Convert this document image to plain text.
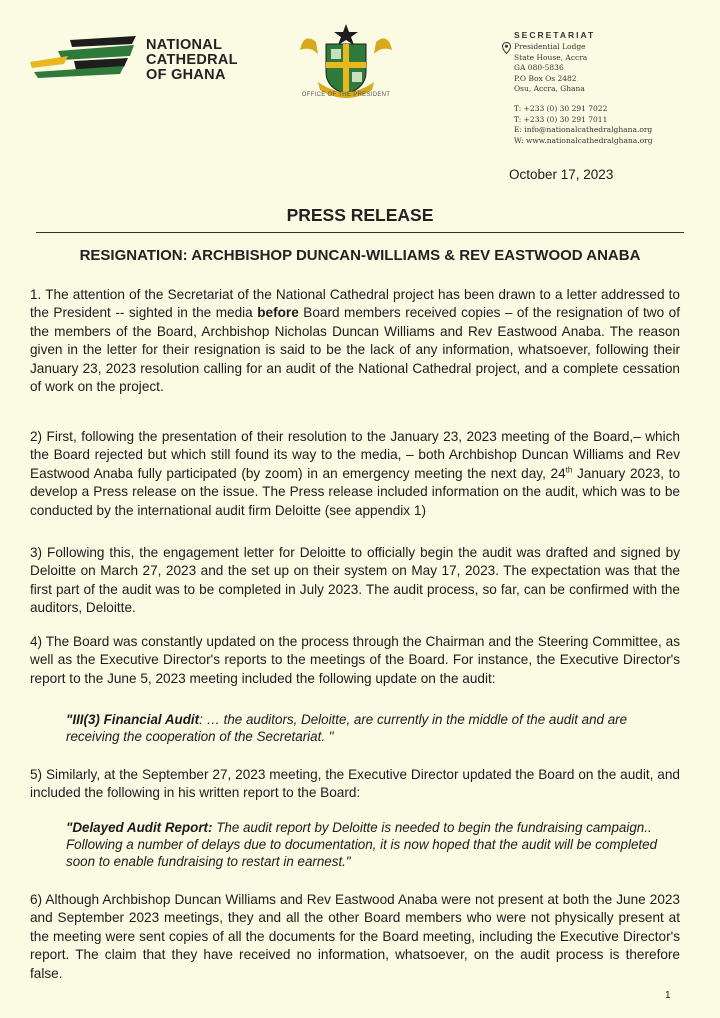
NATIONAL
CATHEDRAL
OF GHANA
OFFICE OF THE PRESIDENT
SECRETARIAT
Presidential Lodge
State House, Accra
GA 080-5836
P.O Box Os 2482
Osu, Accra, Ghana
T: +233 (0) 30 291 7022
T: +233 (0) 30 291 7011
E: info@nationalcathedralghana.org
W: www.nationalcathedralghana.org
October 17, 2023
PRESS RELEASE
RESIGNATION: ARCHBISHOP DUNCAN-WILLIAMS & REV EASTWOOD ANABA
1. The attention of the Secretariat of the National Cathedral project has been drawn to a letter addressed to the President -- sighted in the media before Board members received copies – of the resignation of two of the members of the Board, Archbishop Nicholas Duncan Williams and Rev Eastwood Anaba. The reason given in the letter for their resignation is said to be the lack of any information, whatsoever, following their January 23, 2023 resolution calling for an audit of the National Cathedral project, and a complete cessation of work on the project.
2) First, following the presentation of their resolution to the January 23, 2023 meeting of the Board,– which the Board rejected but which still found its way to the media, – both Archbishop Duncan Williams and Rev Eastwood Anaba fully participated (by zoom) in an emergency meeting the next day, 24th January 2023, to develop a Press release on the issue. The Press release included information on the audit, which was to be conducted by the international audit firm Deloitte (see appendix 1)
3) Following this, the engagement letter for Deloitte to officially begin the audit was drafted and signed by Deloitte on March 27, 2023 and the set up on their system on May 17, 2023. The expectation was that the first part of the audit was to be completed in July 2023. The audit process, so far, can be confirmed with the auditors, Deloitte.
4) The Board was constantly updated on the process through the Chairman and the Steering Committee, as well as the Executive Director's reports to the meetings of the Board. For instance, the Executive Director's report to the June 5, 2023 meeting included the following update on the audit:
"III(3) Financial Audit: … the auditors, Deloitte, are currently in the middle of the audit and are receiving the cooperation of the Secretariat. "
5) Similarly, at the September 27, 2023 meeting, the Executive Director updated the Board on the audit, and included the following in his written report to the Board:
"Delayed Audit Report: The audit report by Deloitte is needed to begin the fundraising campaign.. Following a number of delays due to documentation, it is now hoped that the audit will be completed soon to enable fundraising to restart in earnest."
6) Although Archbishop Duncan Williams and Rev Eastwood Anaba were not present at both the June 2023 and September 2023 meetings, they and all the other Board members who were not physically present at the meeting were sent copies of all the documents for the Board meeting, including the Executive Director's report. The claim that they have received no information, whatsoever, on the audit process is therefore false.
1
